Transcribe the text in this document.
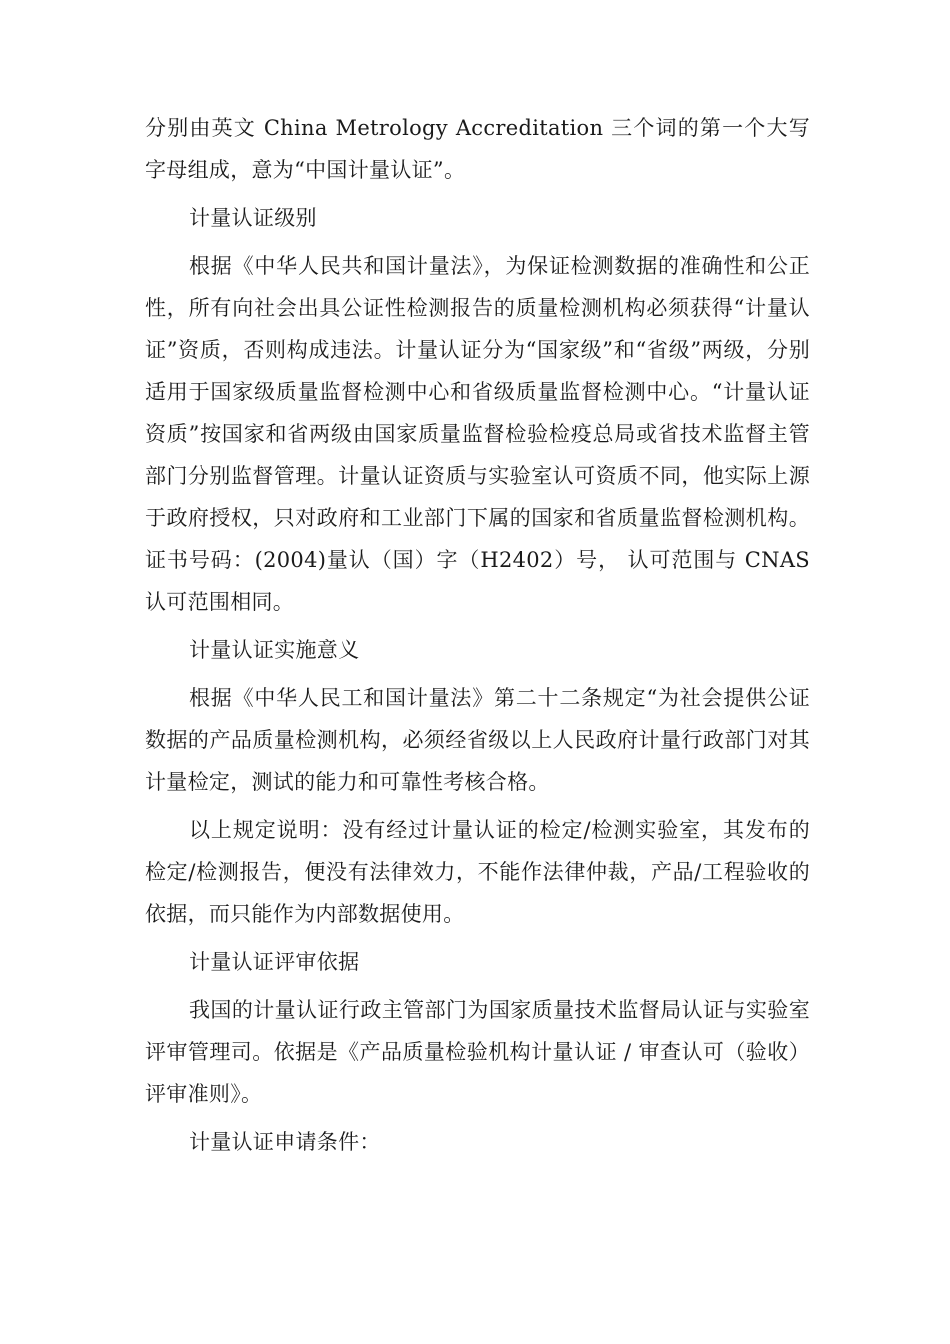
分别由英文 China Metrology Accreditation 三个词的第一个大写字母组成，意为“中国计量认证”。

计量认证级别

根据《中华人民共和国计量法》，为保证检测数据的准确性和公正性，所有向社会出具公证性检测报告的质量检测机构必须获得“计量认证”资质，否则构成违法。计量认证分为“国家级”和“省级”两级，分别适用于国家级质量监督检测中心和省级质量监督检测中心。“计量认证资质”按国家和省两级由国家质量监督检验检疫总局或省技术监督主管部门分别监督管理。计量认证资质与实验室认可资质不同，他实际上源于政府授权，只对政府和工业部门下属的国家和省质量监督检测机构。证书号码：(2004)量认（国）字（H2402）号， 认可范围与 CNAS 认可范围相同。

计量认证实施意义

根据《中华人民工和国计量法》第二十二条规定“为社会提供公证数据的产品质量检测机构，必须经省级以上人民政府计量行政部门对其计量检定，测试的能力和可靠性考核合格。

以上规定说明：没有经过计量认证的检定/检测实验室，其发布的检定/检测报告，便没有法律效力，不能作法律仲裁，产品/工程验收的依据，而只能作为内部数据使用。

计量认证评审依据

我国的计量认证行政主管部门为国家质量技术监督局认证与实验室评审管理司。依据是《产品质量检验机构计量认证 / 审查认可（验收）评审准则》。

计量认证申请条件：
